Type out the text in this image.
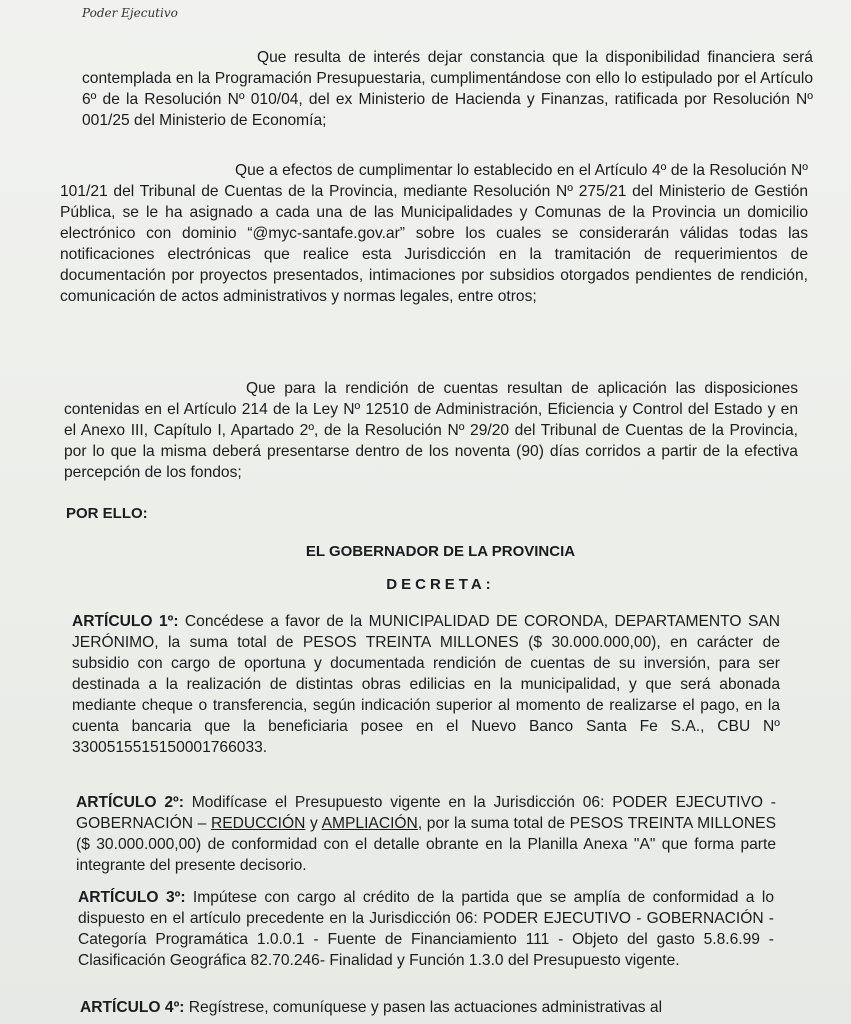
Poder Ejecutivo

Que resulta de interés dejar constancia que la disponibilidad financiera será contemplada en la Programación Presupuestaria, cumplimentándose con ello lo estipulado por el Artículo 6º de la Resolución Nº 010/04, del ex Ministerio de Hacienda y Finanzas, ratificada por Resolución Nº 001/25 del Ministerio de Economía;

Que a efectos de cumplimentar lo establecido en el Artículo 4º de la Resolución Nº 101/21 del Tribunal de Cuentas de la Provincia, mediante Resolución Nº 275/21 del Ministerio de Gestión Pública, se le ha asignado a cada una de las Municipalidades y Comunas de la Provincia un domicilio electrónico con dominio “@myc-santafe.gov.ar” sobre los cuales se considerarán válidas todas las notificaciones electrónicas que realice esta Jurisdicción en la tramitación de requerimientos de documentación por proyectos presentados, intimaciones por subsidios otorgados pendientes de rendición, comunicación de actos administrativos y normas legales, entre otros;

Que para la rendición de cuentas resultan de aplicación las disposiciones contenidas en el Artículo 214 de la Ley Nº 12510 de Administración, Eficiencia y Control del Estado y en el Anexo III, Capítulo I, Apartado 2º, de la Resolución Nº 29/20 del Tribunal de Cuentas de la Provincia, por lo que la misma deberá presentarse dentro de los noventa (90) días corridos a partir de la efectiva percepción de los fondos;

POR ELLO:
EL GOBERNADOR DE LA PROVINCIA
DECRETA:
ARTÍCULO 1º: Concédese a favor de la MUNICIPALIDAD DE CORONDA, DEPARTAMENTO SAN JERÓNIMO, la suma total de PESOS TREINTA MILLONES ($ 30.000.000,00), en carácter de subsidio con cargo de oportuna y documentada rendición de cuentas de su inversión, para ser destinada a la realización de distintas obras edilicias en la municipalidad, y que será abonada mediante cheque o transferencia, según indicación superior al momento de realizarse el pago, en la cuenta bancaria que la beneficiaria posee en el Nuevo Banco Santa Fe S.A., CBU Nº 3300515515150001766033.
ARTÍCULO 2º: Modifícase el Presupuesto vigente en la Jurisdicción 06: PODER EJECUTIVO - GOBERNACIÓN – REDUCCIÓN y AMPLIACIÓN, por la suma total de PESOS TREINTA MILLONES ($ 30.000.000,00) de conformidad con el detalle obrante en la Planilla Anexa "A" que forma parte integrante del presente decisorio.
ARTÍCULO 3º: Impútese con cargo al crédito de la partida que se amplía de conformidad a lo dispuesto en el artículo precedente en la Jurisdicción 06: PODER EJECUTIVO - GOBERNACIÓN - Categoría Programática 1.0.0.1 - Fuente de Financiamiento 111 - Objeto del gasto 5.8.6.99 - Clasificación Geográfica 82.70.246- Finalidad y Función 1.3.0 del Presupuesto vigente.
ARTÍCULO 4º: Regístrese, comuníquese y pasen las actuaciones administrativas al
